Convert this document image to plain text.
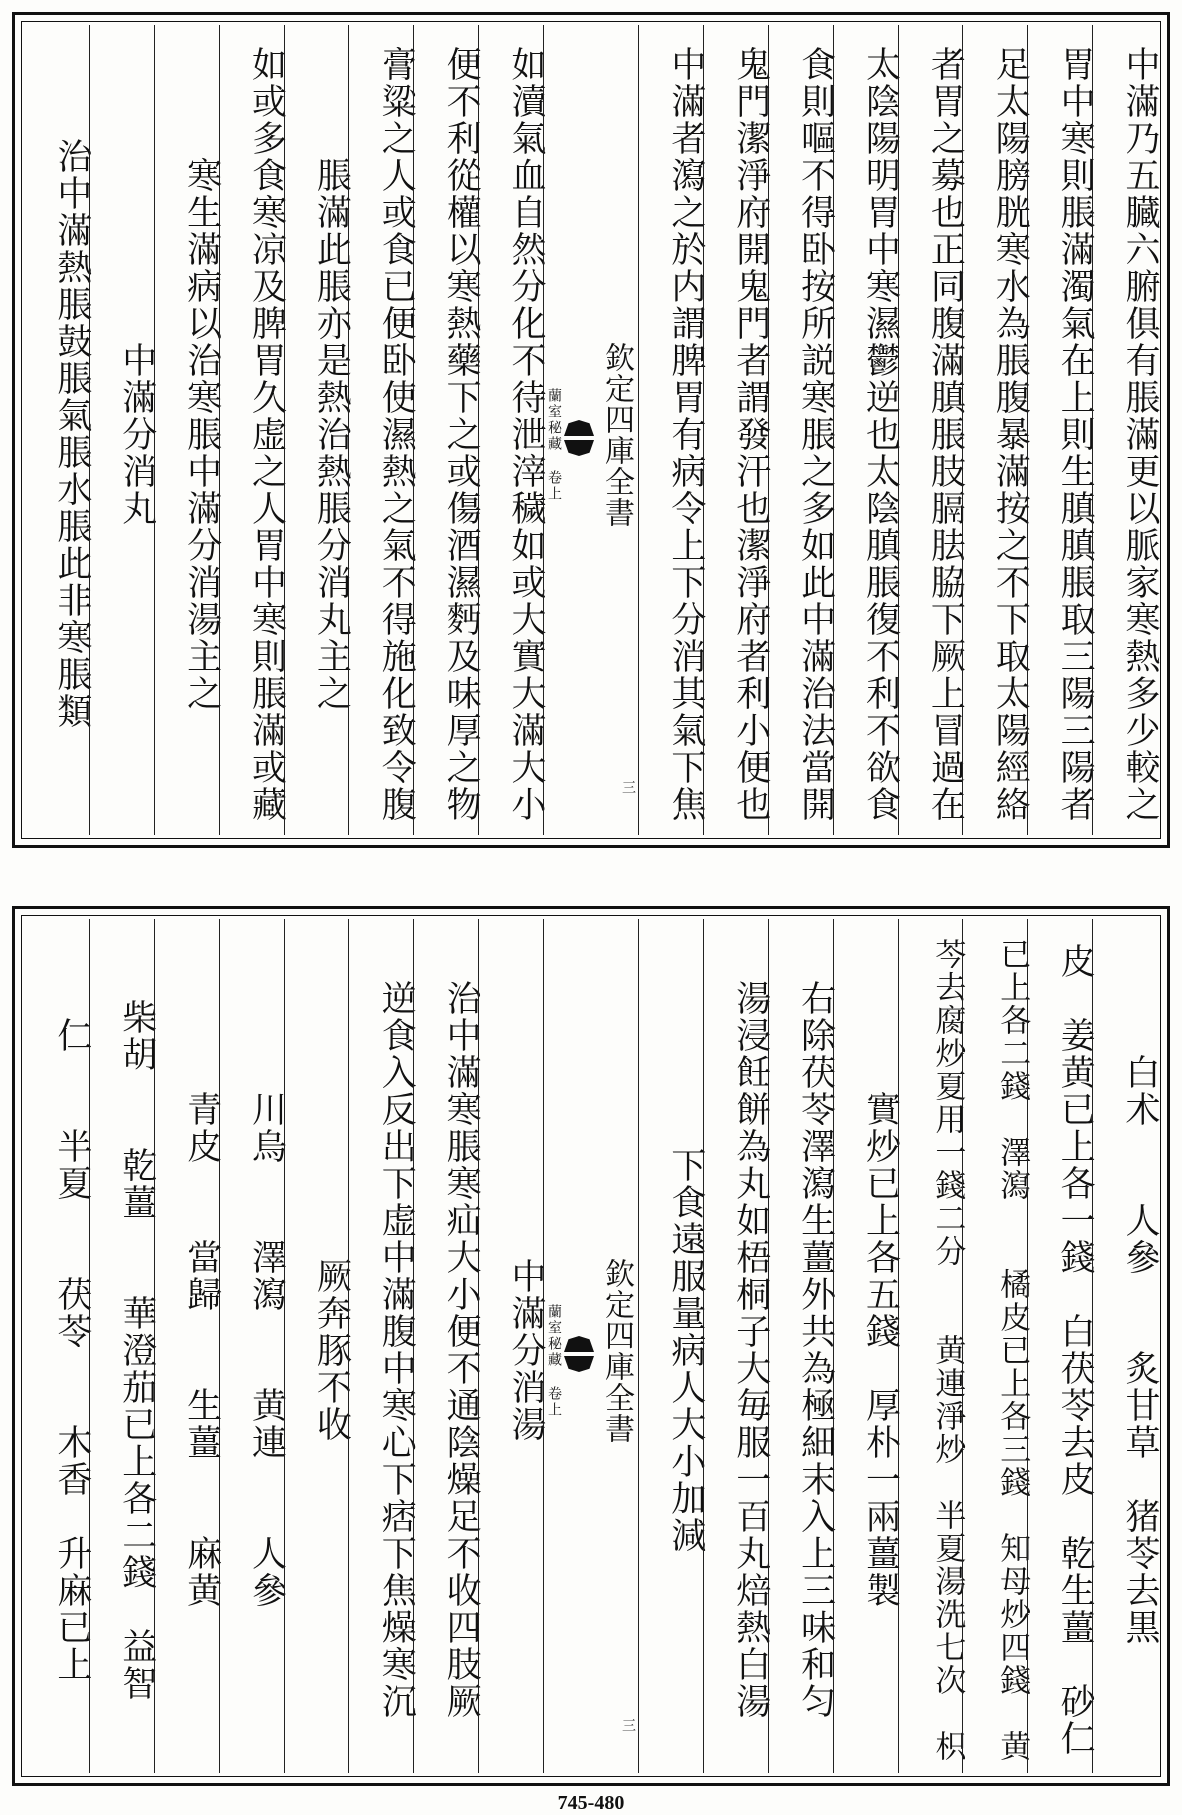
中滿乃五臓六腑俱有脹滿更以脈家寒熱多少較之
胃中寒則脹滿濁氣在上則生䐜䐜脹取三陽三陽者
足太陽膀胱寒水為脹腹暴滿按之不下取太陽經絡
者胃之募也正同腹滿䐜脹肢膈胠脇下厥上冒過在
太陰陽明胃中寒濕鬱逆也太陰䐜脹復不利不欲食
食則嘔不得卧按所説寒脹之多如此中滿治法當開
鬼門潔淨府開鬼門者謂發汗也潔淨府者利小便也
中滿者瀉之於内謂脾胃有病令上下分消其氣下焦
欽定四庫全書
蘭室秘藏 卷上
三
如瀆氣血自然分化不待泄滓穢如或大實大滿大小
便不利從權以寒熱藥下之或傷酒濕麪及味厚之物
膏粱之人或食已便卧使濕熱之氣不得施化致令腹
脹滿此脹亦是熱治熱脹分消丸主之
如或多食寒凉及脾胃久虚之人胃中寒則脹滿或藏
寒生滿病以治寒脹中滿分消湯主之
中滿分消丸
治中滿熱脹鼓脹氣脹水脹此非寒脹類
白术　　人參　　炙甘草　猪苓去黒
皮　姜黄已上各一錢　白茯苓去皮　乾生薑　砂仁
已上各二錢　澤瀉　　橘皮已上各三錢　知母炒四錢　黄
芩去腐炒夏用一錢二分　　黄連淨炒　半夏湯洗七次　枳
實炒已上各五錢　厚朴一兩薑製
右除茯苓澤瀉生薑外共為極細末入上三味和匀
湯浸飪餅為丸如梧桐子大毎服一百丸焙熱白湯
下食遠服量病人大小加減
欽定四庫全書
蘭室秘藏 卷上
三
中滿分消湯
治中滿寒脹寒疝大小便不通陰燥足不收四肢厥
逆食入反出下虚中滿腹中寒心下痞下焦燥寒沉
厥奔豚不收
川烏　　澤瀉　　黄連　　人參
青皮　　當歸　　生薑　　麻黄
柴胡　　乾薑　　華澄茄已上各二錢　益智
仁　　半夏　　茯苓　　木香　升麻已上
745-480
